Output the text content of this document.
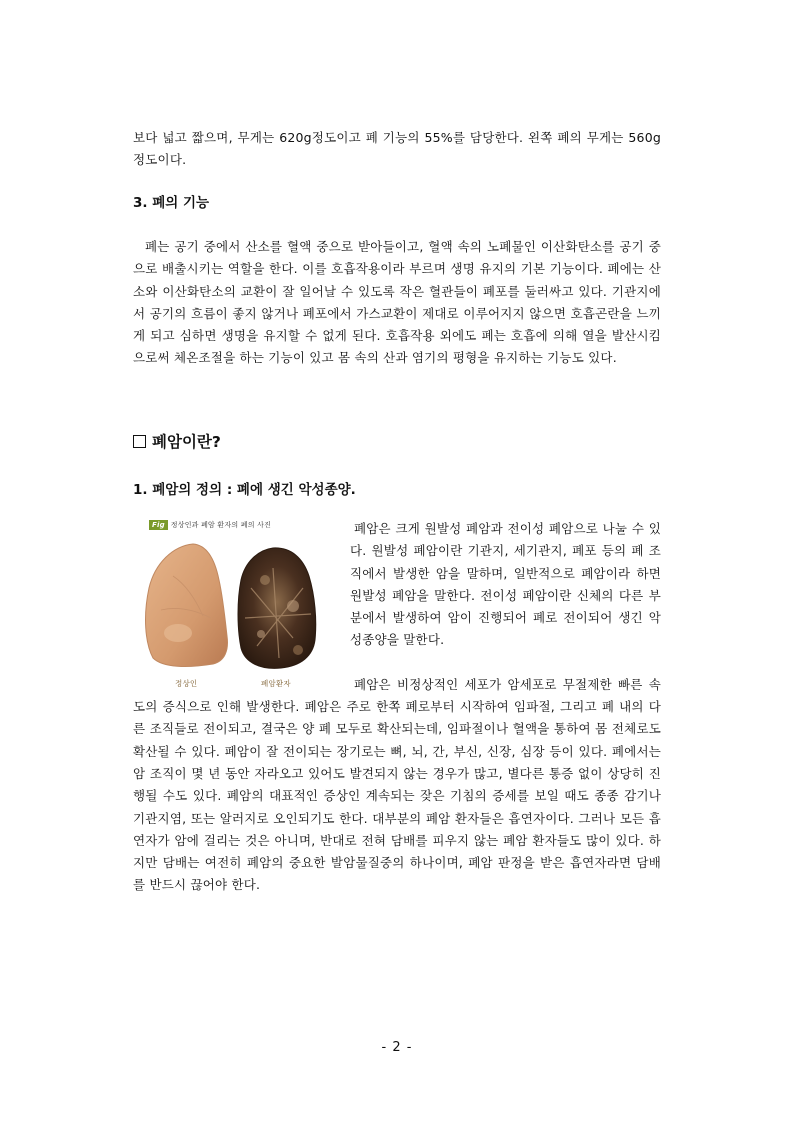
보다 넓고 짧으며, 무게는 620g정도이고 폐 기능의 55%를 담당한다. 왼쪽 폐의 무게는 560g 정도이다.

3. 폐의 기능

폐는 공기 중에서 산소를 혈액 중으로 받아들이고, 혈액 속의 노폐물인 이산화탄소를 공기 중으로 배출시키는 역할을 한다. 이를 호흡작용이라 부르며 생명 유지의 기본 기능이다. 폐에는 산소와 이산화탄소의 교환이 잘 일어날 수 있도록 작은 혈관들이 폐포를 둘러싸고 있다. 기관지에서 공기의 흐름이 좋지 않거나 폐포에서 가스교환이 제대로 이루어지지 않으면 호흡곤란을 느끼게 되고 심하면 생명을 유지할 수 없게 된다. 호흡작용 외에도 폐는 호흡에 의해 열을 발산시킴으로써 체온조절을 하는 기능이 있고 몸 속의 산과 염기의 평형을 유지하는 기능도 있다.

폐암이란?

1. 폐암의 정의 : 폐에 생긴 악성종양.

Fig 정상인과 폐암 환자의 폐의 사진
정상인	폐암환자
폐암은 크게 원발성 폐암과 전이성 폐암으로 나눌 수 있다. 원발성 폐암이란 기관지, 세기관지, 폐포 등의 폐 조직에서 발생한 암을 말하며, 일반적으로 폐암이라 하면 원발성 폐암을 말한다. 전이성 폐암이란 신체의 다른 부분에서 발생하여 암이 진행되어 폐로 전이되어 생긴 악성종양을 말한다.
폐암은 비정상적인 세포가 암세포로 무절제한 빠른 속도의 증식으로 인해 발생한다. 폐암은 주로 한쪽 폐로부터 시작하여 임파절, 그리고 폐 내의 다른 조직들로 전이되고, 결국은 양 폐 모두로 확산되는데, 임파절이나 혈액을 통하여 몸 전체로도 확산될 수 있다. 폐암이 잘 전이되는 장기로는 뼈, 뇌, 간, 부신, 신장, 심장 등이 있다. 폐에서는 암 조직이 몇 년 동안 자라오고 있어도 발견되지 않는 경우가 많고, 별다른 통증 없이 상당히 진행될 수도 있다. 폐암의 대표적인 증상인 계속되는 잦은 기침의 증세를 보일 때도 종종 감기나 기관지염, 또는 알러지로 오인되기도 한다. 대부분의 폐암 환자들은 흡연자이다. 그러나 모든 흡연자가 암에 걸리는 것은 아니며, 반대로 전혀 담배를 피우지 않는 폐암 환자들도 많이 있다. 하지만 담배는 여전히 폐암의 중요한 발암물질중의 하나이며, 폐암 판정을 받은 흡연자라면 담배를 반드시 끊어야 한다.
- 2 -
